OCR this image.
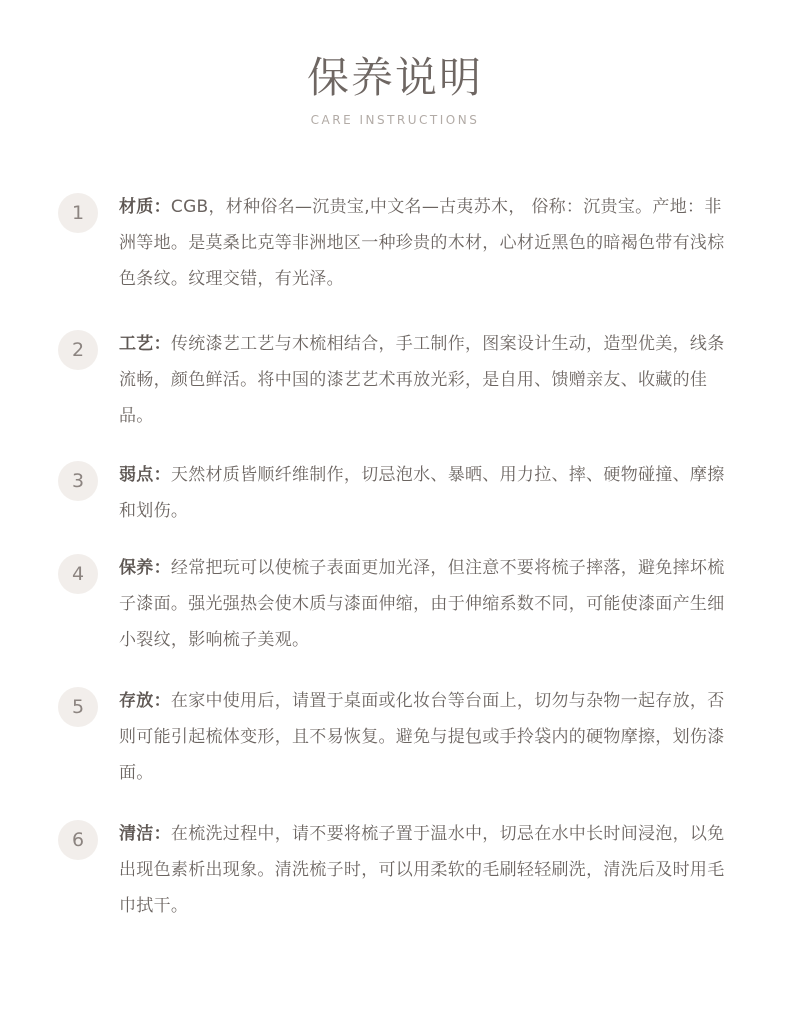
保养说明
CARE INSTRUCTIONS
1	材质：CGB，材种俗名—沉贵宝,中文名—古夷苏木， 俗称：沉贵宝。产地：非洲等地。是莫桑比克等非洲地区一种珍贵的木材，心材近黑色的暗褐色带有浅棕色条纹。纹理交错，有光泽。
2	工艺：传统漆艺工艺与木梳相结合，手工制作，图案设计生动，造型优美，线条流畅，颜色鲜活。将中国的漆艺艺术再放光彩，是自用、馈赠亲友、收藏的佳品。
3	弱点：天然材质皆顺纤维制作，切忌泡水、暴晒、用力拉、摔、硬物碰撞、摩擦和划伤。
4	保养：经常把玩可以使梳子表面更加光泽，但注意不要将梳子摔落，避免摔坏梳子漆面。强光强热会使木质与漆面伸缩，由于伸缩系数不同，可能使漆面产生细小裂纹，影响梳子美观。
5	存放：在家中使用后，请置于桌面或化妆台等台面上，切勿与杂物一起存放，否则可能引起梳体变形，且不易恢复。避免与提包或手拎袋内的硬物摩擦，划伤漆面。
6	清洁：在梳洗过程中，请不要将梳子置于温水中，切忌在水中长时间浸泡，以免出现色素析出现象。清洗梳子时，可以用柔软的毛刷轻轻刷洗，清洗后及时用毛巾拭干。
